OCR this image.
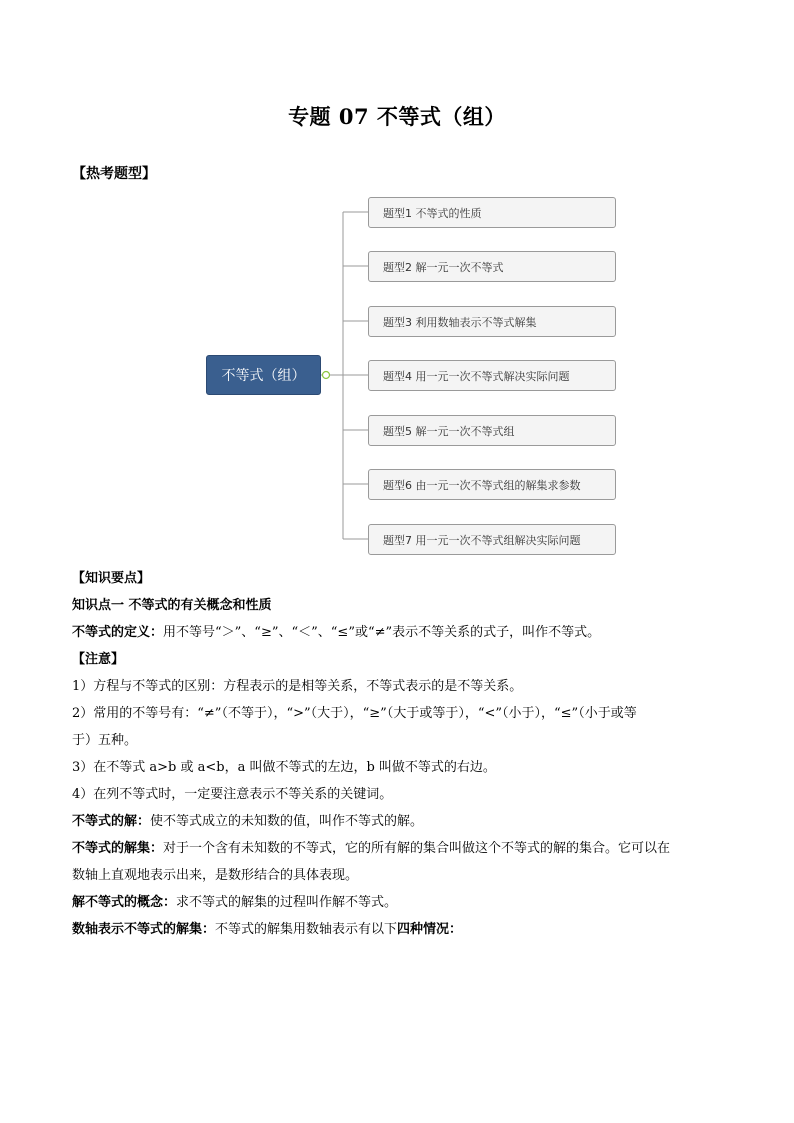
专题 07 不等式（组）
【热考题型】
不等式（组）
题型1 不等式的性质
题型2 解一元一次不等式
题型3 利用数轴表示不等式解集
题型4 用一元一次不等式解决实际问题
题型5 解一元一次不等式组
题型6 由一元一次不等式组的解集求参数
题型7 用一元一次不等式组解决实际问题

【知识要点】

知识点一 不等式的有关概念和性质

不等式的定义：用不等号“＞”、“≥”、“＜”、“≤”或“≠”表示不等关系的式子，叫作不等式。

【注意】

1）方程与不等式的区别：方程表示的是相等关系，不等式表示的是不等关系。

2）常用的不等号有：“≠”（不等于），“>”（大于），“≥”（大于或等于），“<”（小于），“≤”（小于或等

于）五种。

3）在不等式 a>b 或 a<b，a 叫做不等式的左边，b 叫做不等式的右边。

4）在列不等式时，一定要注意表示不等关系的关键词。

不等式的解：使不等式成立的未知数的值，叫作不等式的解。

不等式的解集：对于一个含有未知数的不等式，它的所有解的集合叫做这个不等式的解的集合。它可以在

数轴上直观地表示出来，是数形结合的具体表现。

解不等式的概念：求不等式的解集的过程叫作解不等式。

数轴表示不等式的解集：不等式的解集用数轴表示有以下四种情况：
